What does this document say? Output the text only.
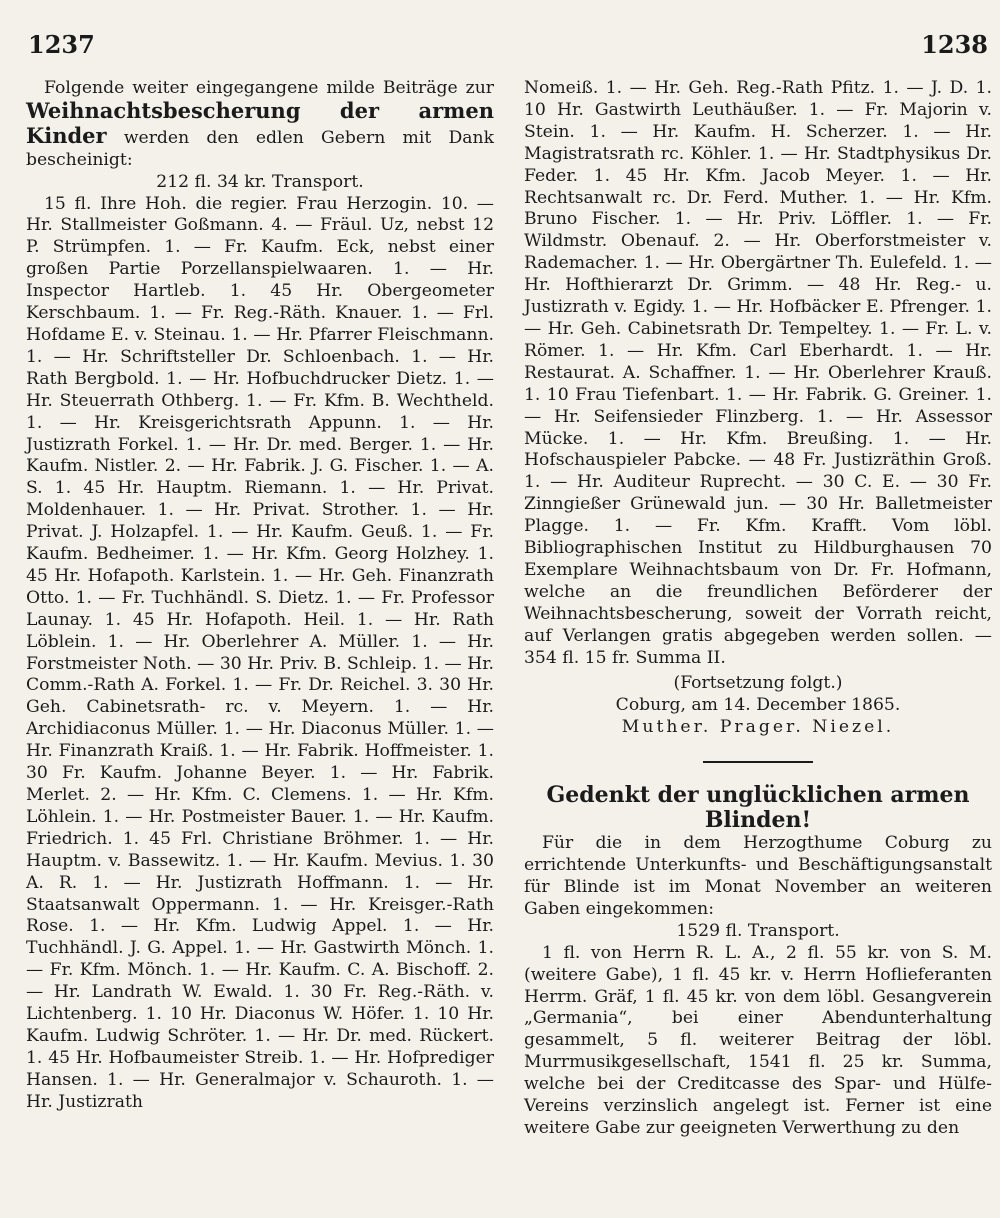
1237	1238

Folgende weiter eingegangene milde Beiträge zur Weihnachtsbescherung der armen Kinder werden den edlen Gebern mit Dank bescheinigt:

212 fl. 34 kr. Transport.

15 fl. Ihre Hoh. die regier. Frau Herzogin. 10. — Hr. Stallmeister Goßmann. 4. — Fräul. Uz, nebst 12 P. Strümpfen. 1. — Fr. Kaufm. Eck, nebst einer großen Partie Porzellanspielwaaren. 1. — Hr. Inspector Hartleb. 1. 45 Hr. Obergeometer Kerschbaum. 1. — Fr. Reg.-Räth. Knauer. 1. — Frl. Hofdame E. v. Steinau. 1. — Hr. Pfarrer Fleischmann. 1. — Hr. Schriftsteller Dr. Schloenbach. 1. — Hr. Rath Bergbold. 1. — Hr. Hofbuchdrucker Dietz. 1. — Hr. Steuerrath Othberg. 1. — Fr. Kfm. B. Wechtheld. 1. — Hr. Kreisgerichtsrath Appunn. 1. — Hr. Justizrath Forkel. 1. — Hr. Dr. med. Berger. 1. — Hr. Kaufm. Nistler. 2. — Hr. Fabrik. J. G. Fischer. 1. — A. S. 1. 45 Hr. Hauptm. Riemann. 1. — Hr. Privat. Moldenhauer. 1. — Hr. Privat. Strother. 1. — Hr. Privat. J. Holzapfel. 1. — Hr. Kaufm. Geuß. 1. — Fr. Kaufm. Bedheimer. 1. — Hr. Kfm. Georg Holzhey. 1. 45 Hr. Hofapoth. Karlstein. 1. — Hr. Geh. Finanzrath Otto. 1. — Fr. Tuchhändl. S. Dietz. 1. — Fr. Professor Launay. 1. 45 Hr. Hofapoth. Heil. 1. — Hr. Rath Löblein. 1. — Hr. Oberlehrer A. Müller. 1. — Hr. Forstmeister Noth. — 30 Hr. Priv. B. Schleip. 1. — Hr. Comm.-Rath A. Forkel. 1. — Fr. Dr. Reichel. 3. 30 Hr. Geh. Cabinetsrath- rc. v. Meyern. 1. — Hr. Archidiaconus Müller. 1. — Hr. Diaconus Müller. 1. — Hr. Finanzrath Kraiß. 1. — Hr. Fabrik. Hoffmeister. 1. 30 Fr. Kaufm. Johanne Beyer. 1. — Hr. Fabrik. Merlet. 2. — Hr. Kfm. C. Clemens. 1. — Hr. Kfm. Löhlein. 1. — Hr. Postmeister Bauer. 1. — Hr. Kaufm. Friedrich. 1. 45 Frl. Christiane Bröhmer. 1. — Hr. Hauptm. v. Bassewitz. 1. — Hr. Kaufm. Mevius. 1. 30 A. R. 1. — Hr. Justizrath Hoffmann. 1. — Hr. Staatsanwalt Oppermann. 1. — Hr. Kreisger.-Rath Rose. 1. — Hr. Kfm. Ludwig Appel. 1. — Hr. Tuchhändl. J. G. Appel. 1. — Hr. Gastwirth Mönch. 1. — Fr. Kfm. Mönch. 1. — Hr. Kaufm. C. A. Bischoff. 2. — Hr. Landrath W. Ewald. 1. 30 Fr. Reg.-Räth. v. Lichtenberg. 1. 10 Hr. Diaconus W. Höfer. 1. 10 Hr. Kaufm. Ludwig Schröter. 1. — Hr. Dr. med. Rückert. 1. 45 Hr. Hofbaumeister Streib. 1. — Hr. Hofprediger Hansen. 1. — Hr. Generalmajor v. Schauroth. 1. — Hr. Justizrath

Nomeiß. 1. — Hr. Geh. Reg.-Rath Pfitz. 1. — J. D. 1. 10 Hr. Gastwirth Leuthäußer. 1. — Fr. Majorin v. Stein. 1. — Hr. Kaufm. H. Scherzer. 1. — Hr. Magistratsrath rc. Köhler. 1. — Hr. Stadtphysikus Dr. Feder. 1. 45 Hr. Kfm. Jacob Meyer. 1. — Hr. Rechtsanwalt rc. Dr. Ferd. Muther. 1. — Hr. Kfm. Bruno Fischer. 1. — Hr. Priv. Löffler. 1. — Fr. Wildmstr. Obenauf. 2. — Hr. Oberforstmeister v. Rademacher. 1. — Hr. Obergärtner Th. Eulefeld. 1. — Hr. Hofthierarzt Dr. Grimm. — 48 Hr. Reg.- u. Justizrath v. Egidy. 1. — Hr. Hofbäcker E. Pfrenger. 1. — Hr. Geh. Cabinetsrath Dr. Tempeltey. 1. — Fr. L. v. Römer. 1. — Hr. Kfm. Carl Eberhardt. 1. — Hr. Restaurat. A. Schaffner. 1. — Hr. Oberlehrer Krauß. 1. 10 Frau Tiefenbart. 1. — Hr. Fabrik. G. Greiner. 1. — Hr. Seifensieder Flinzberg. 1. — Hr. Assessor Mücke. 1. — Hr. Kfm. Breußing. 1. — Hr. Hofschauspieler Pabcke. — 48 Fr. Justizräthin Groß. 1. — Hr. Auditeur Ruprecht. — 30 C. E. — 30 Fr. Zinngießer Grünewald jun. — 30 Hr. Balletmeister Plagge. 1. — Fr. Kfm. Krafft. Vom löbl. Bibliographischen Institut zu Hildburghausen 70 Exemplare Weihnachtsbaum von Dr. Fr. Hofmann, welche an die freundlichen Beförderer der Weihnachtsbescherung, soweit der Vorrath reicht, auf Verlangen gratis abgegeben werden sollen. — 354 fl. 15 fr. Summa II.

(Fortsetzung folgt.)

Coburg, am 14. December 1865.

Muther. Prager. Niezel.

Gedenkt der unglücklichen armen Blinden!

Für die in dem Herzogthume Coburg zu errichtende Unterkunfts- und Beschäftigungsanstalt für Blinde ist im Monat November an weiteren Gaben eingekommen:

1529 fl. Transport.

1 fl. von Herrn R. L. A., 2 fl. 55 kr. von S. M. (weitere Gabe), 1 fl. 45 kr. v. Herrn Hoflieferanten Herrm. Gräf, 1 fl. 45 kr. von dem löbl. Gesangverein „Germania“, bei einer Abendunterhaltung gesammelt, 5 fl. weiterer Beitrag der löbl. Murrmusikgesellschaft, 1541 fl. 25 kr. Summa, welche bei der Creditcasse des Spar- und Hülfe-Vereins verzinslich angelegt ist. Ferner ist eine weitere Gabe zur geeigneten Verwerthung zu den
